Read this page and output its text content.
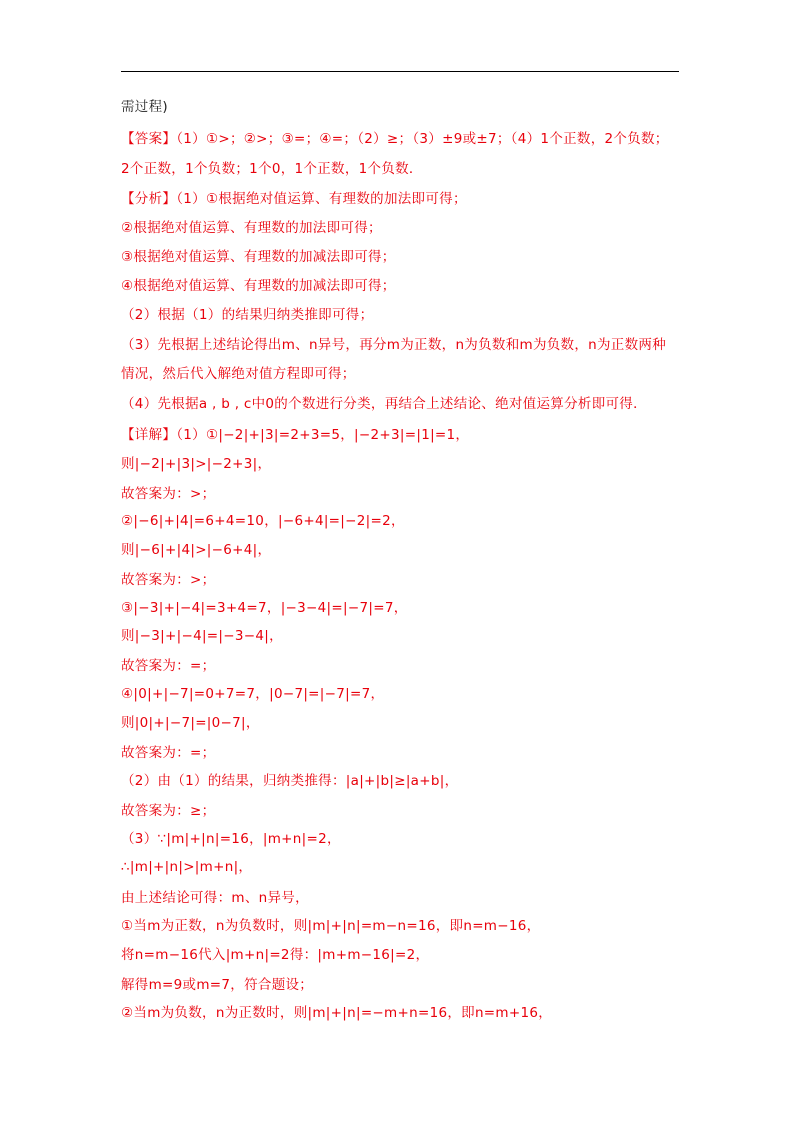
需过程)
【答案】（1）①>；②>；③=；④=；（2）≥；（3）±9或±7；（4）1个正数，2个负数；
2个正数，1个负数；1个0，1个正数，1个负数．
【分析】（1）①根据绝对值运算、有理数的加法即可得；
②根据绝对值运算、有理数的加法即可得；
③根据绝对值运算、有理数的加减法即可得；
④根据绝对值运算、有理数的加减法即可得；
（2）根据（1）的结果归纳类推即可得；
（3）先根据上述结论得出m、n异号，再分m为正数，n为负数和m为负数，n为正数两种
情况，然后代入解绝对值方程即可得；
（4）先根据a , b , c中0的个数进行分类，再结合上述结论、绝对值运算分析即可得．
【详解】（1）①|−2|+|3|=2+3=5，|−2+3|=|1|=1，
则|−2|+|3|>|−2+3|，
故答案为：>；
②|−6|+|4|=6+4=10，|−6+4|=|−2|=2，
则|−6|+|4|>|−6+4|，
故答案为：>；
③|−3|+|−4|=3+4=7，|−3−4|=|−7|=7，
则|−3|+|−4|=|−3−4|，
故答案为：=；
④|0|+|−7|=0+7=7，|0−7|=|−7|=7，
则|0|+|−7|=|0−7|，
故答案为：=；
（2）由（1）的结果，归纳类推得：|a|+|b|≥|a+b|，
故答案为：≥；
（3）∵|m|+|n|=16，|m+n|=2，
∴|m|+|n|>|m+n|，
由上述结论可得：m、n异号，
①当m为正数，n为负数时，则|m|+|n|=m−n=16，即n=m−16，
将n=m−16代入|m+n|=2得：|m+m−16|=2，
解得m=9或m=7，符合题设；
②当m为负数，n为正数时，则|m|+|n|=−m+n=16，即n=m+16，
